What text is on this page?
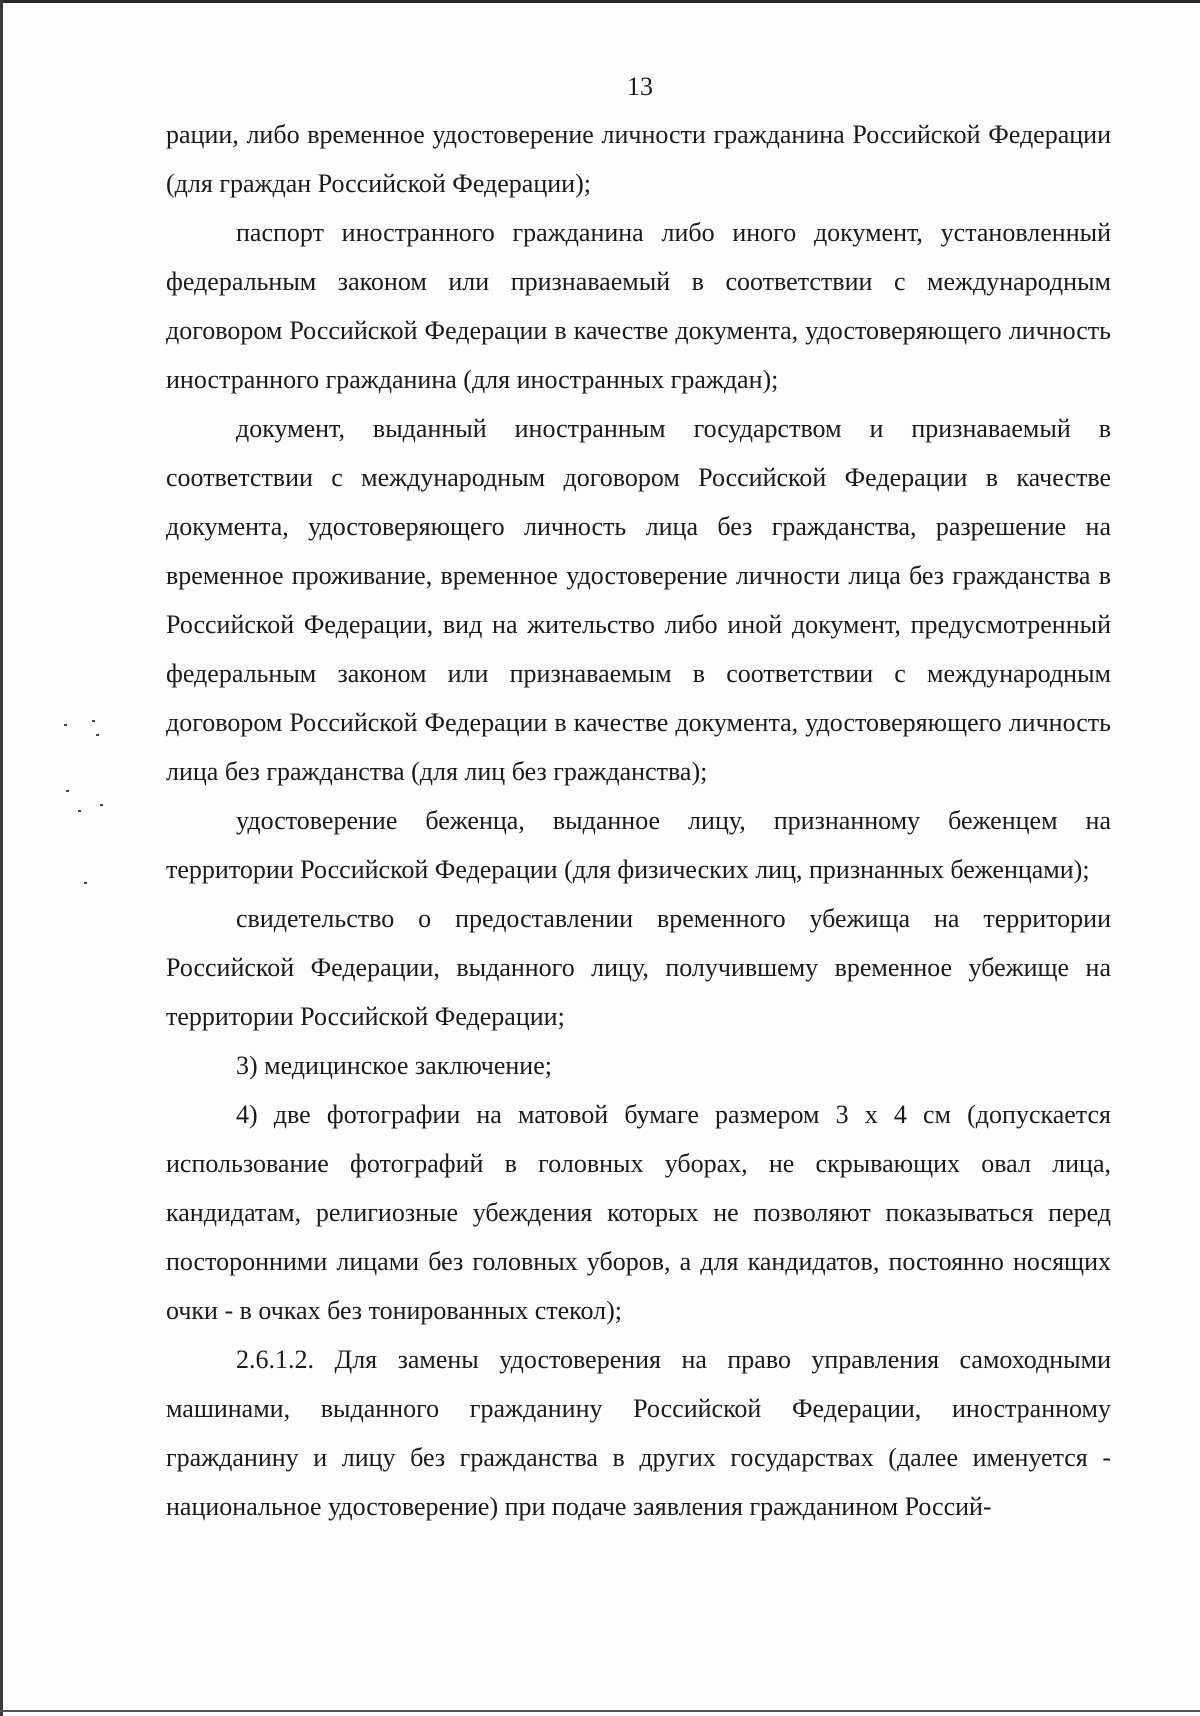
13

рации, либо временное удостоверение личности гражданина Российской Федерации (для граждан Российской Федерации);

паспорт иностранного гражданина либо иного документ, установленный федеральным законом или признаваемый в соответствии с международным договором Российской Федерации в качестве документа, удостоверяющего личность иностранного гражданина (для иностранных граждан);

документ, выданный иностранным государством и признаваемый в соответствии с международным договором Российской Федерации в качестве документа, удостоверяющего личность лица без гражданства, разрешение на временное проживание, временное удостоверение личности лица без гражданства в Российской Федерации, вид на жительство либо иной документ, предусмотренный федеральным законом или признаваемым в соответствии с международным договором Российской Федерации в качестве документа, удостоверяющего личность лица без гражданства (для лиц без гражданства);

удостоверение беженца, выданное лицу, признанному беженцем на территории Российской Федерации (для физических лиц, признанных беженцами);

свидетельство о предоставлении временного убежища на территории Российской Федерации, выданного лицу, получившему временное убежище на территории Российской Федерации;

3) медицинское заключение;

4) две фотографии на матовой бумаге размером 3 х 4 см (допускается использование фотографий в головных уборах, не скрывающих овал лица, кандидатам, религиозные убеждения которых не позволяют показываться перед посторонними лицами без головных уборов, а для кандидатов, постоянно носящих очки - в очках без тонированных стекол);

2.6.1.2. Для замены удостоверения на право управления самоходными машинами, выданного гражданину Российской Федерации, иностранному гражданину и лицу без гражданства в других государствах (далее именуется - национальное удостоверение) при подаче заявления гражданином Россий-
